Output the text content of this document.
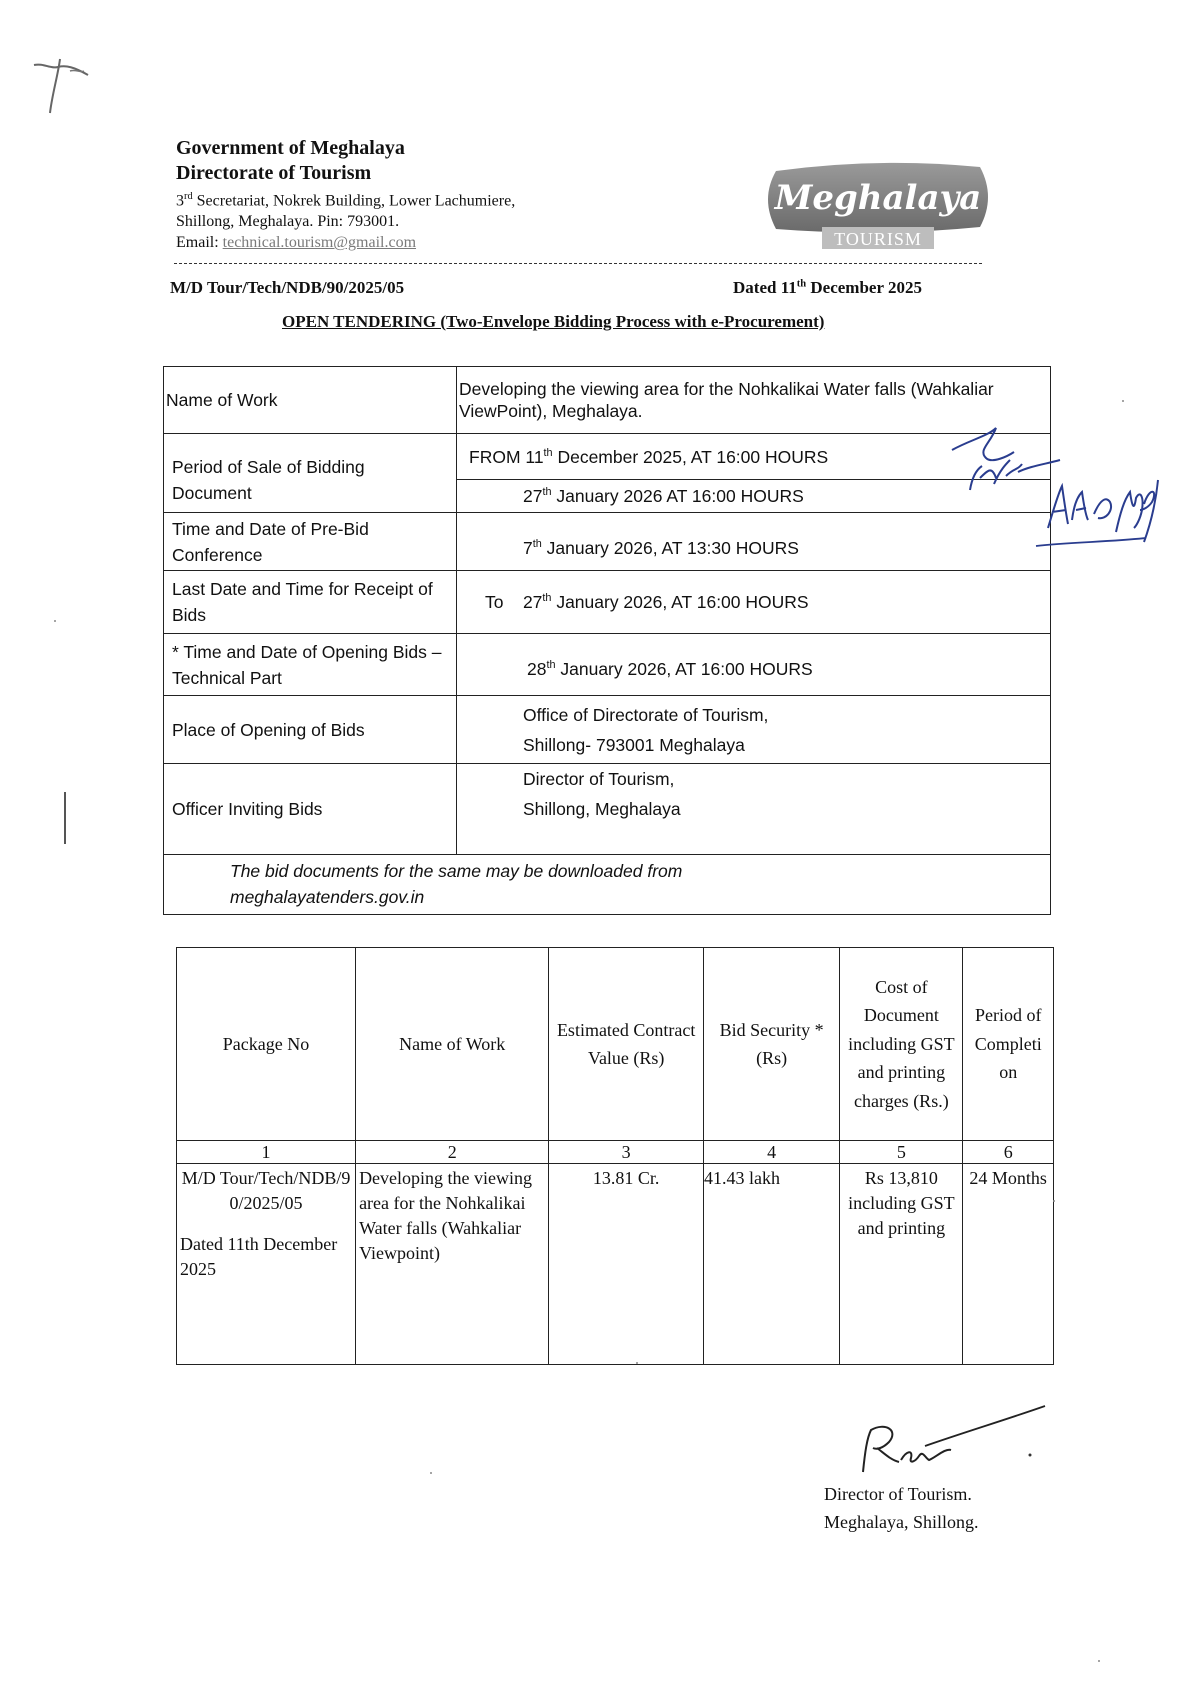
Government of Meghalaya
Directorate of Tourism
3rd Secretariat, Nokrek Building, Lower Lachumiere,
Shillong, Meghalaya. Pin: 793001.
Email: technical.tourism@gmail.com
Meghalaya
TOURISM
M/D Tour/Tech/NDB/90/2025/05	Dated 11th December 2025
OPEN TENDERING (Two-Envelope Bidding Process with e-Procurement)
Name of Work	Developing the viewing area for the Nohkalikai Water falls (Wahkaliar ViewPoint), Meghalaya.
Period of Sale of Bidding Document	FROM 11th December 2025, AT 16:00 HOURS
	27th January 2026 AT 16:00 HOURS
Time and Date of Pre-Bid Conference	7th January 2026, AT 13:30 HOURS
Last Date and Time for Receipt of Bids	To 27th January 2026, AT 16:00 HOURS
* Time and Date of Opening Bids – Technical Part	28th January 2026, AT 16:00 HOURS
Place of Opening of Bids	Office of Directorate of Tourism,
Shillong- 793001 Meghalaya

Officer Inviting Bids	Director of Tourism,
Shillong, Meghalaya

The bid documents for the same may be downloaded from
meghalayatenders.gov.in	
Package No	Name of Work	Estimated Contract Value (Rs)	Bid Security *(Rs)	Cost of Document including GST and printing charges (Rs.)	Period of Completi on
1	2	3	4	5	6

M/D Tour/Tech/NDB/9 0/2025/05
Dated 11th December 2025	Developing the viewing area for the Nohkalikai Water falls (Wahkaliar Viewpoint)	13.81 Cr.	41.43 lakh	Rs 13,810 including GST and printing	24 Months
Director of Tourism.
Meghalaya, Shillong.
